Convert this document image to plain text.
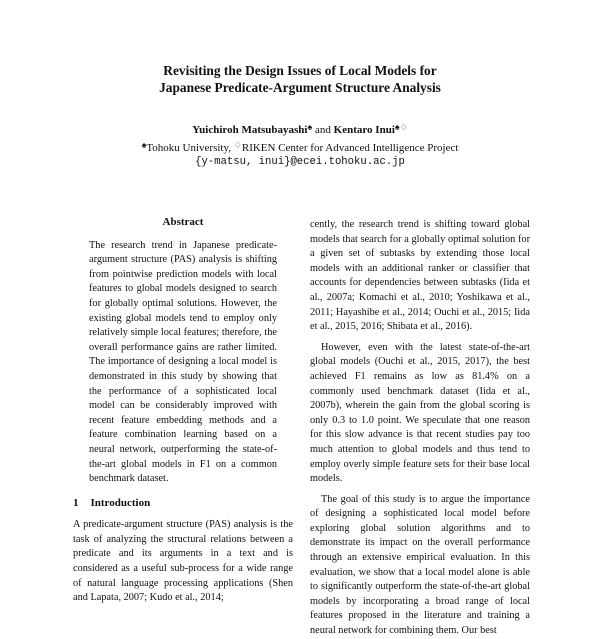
Revisiting the Design Issues of Local Models for
Japanese Predicate-Argument Structure Analysis
Yuichiroh Matsubayashi♠ and Kentaro Inui♠♢
♠Tohoku University, ♢RIKEN Center for Advanced Intelligence Project
{y-matsu, inui}@ecei.tohoku.ac.jp
Abstract
The research trend in Japanese predicate-argument structure (PAS) analysis is shifting from pointwise prediction models with local features to global models designed to search for globally optimal solutions. However, the existing global models tend to employ only relatively simple local features; therefore, the overall performance gains are rather limited. The importance of designing a local model is demonstrated in this study by showing that the performance of a sophisticated local model can be considerably improved with recent feature embedding methods and a feature combination learning based on a neural network, outperforming the state-of-the-art global models in F1 on a common benchmark dataset.
1 Introduction

A predicate-argument structure (PAS) analysis is the task of analyzing the structural relations between a predicate and its arguments in a text and is considered as a useful sub-process for a wide range of natural language processing applications (Shen and Lapata, 2007; Kudo et al., 2014;

cently, the research trend is shifting toward global models that search for a globally optimal solution for a given set of subtasks by extending those local models with an additional ranker or classifier that accounts for dependencies between subtasks (Iida et al., 2007a; Komachi et al., 2010; Yoshikawa et al., 2011; Hayashibe et al., 2014; Ouchi et al., 2015; Iida et al., 2015, 2016; Shibata et al., 2016).

However, even with the latest state-of-the-art global models (Ouchi et al., 2015, 2017), the best achieved F1 remains as low as 81.4% on a commonly used benchmark dataset (Iida et al., 2007b), wherein the gain from the global scoring is only 0.3 to 1.0 point. We speculate that one reason for this slow advance is that recent studies pay too much attention to global models and thus tend to employ overly simple feature sets for their base local models.

The goal of this study is to argue the importance of designing a sophisticated local model before exploring global solution algorithms and to demonstrate its impact on the overall performance through an extensive empirical evaluation. In this evaluation, we show that a local model alone is able to significantly outperform the state-of-the-art global models by incorporating a broad range of local features proposed in the literature and training a neural network for combining them. Our best
